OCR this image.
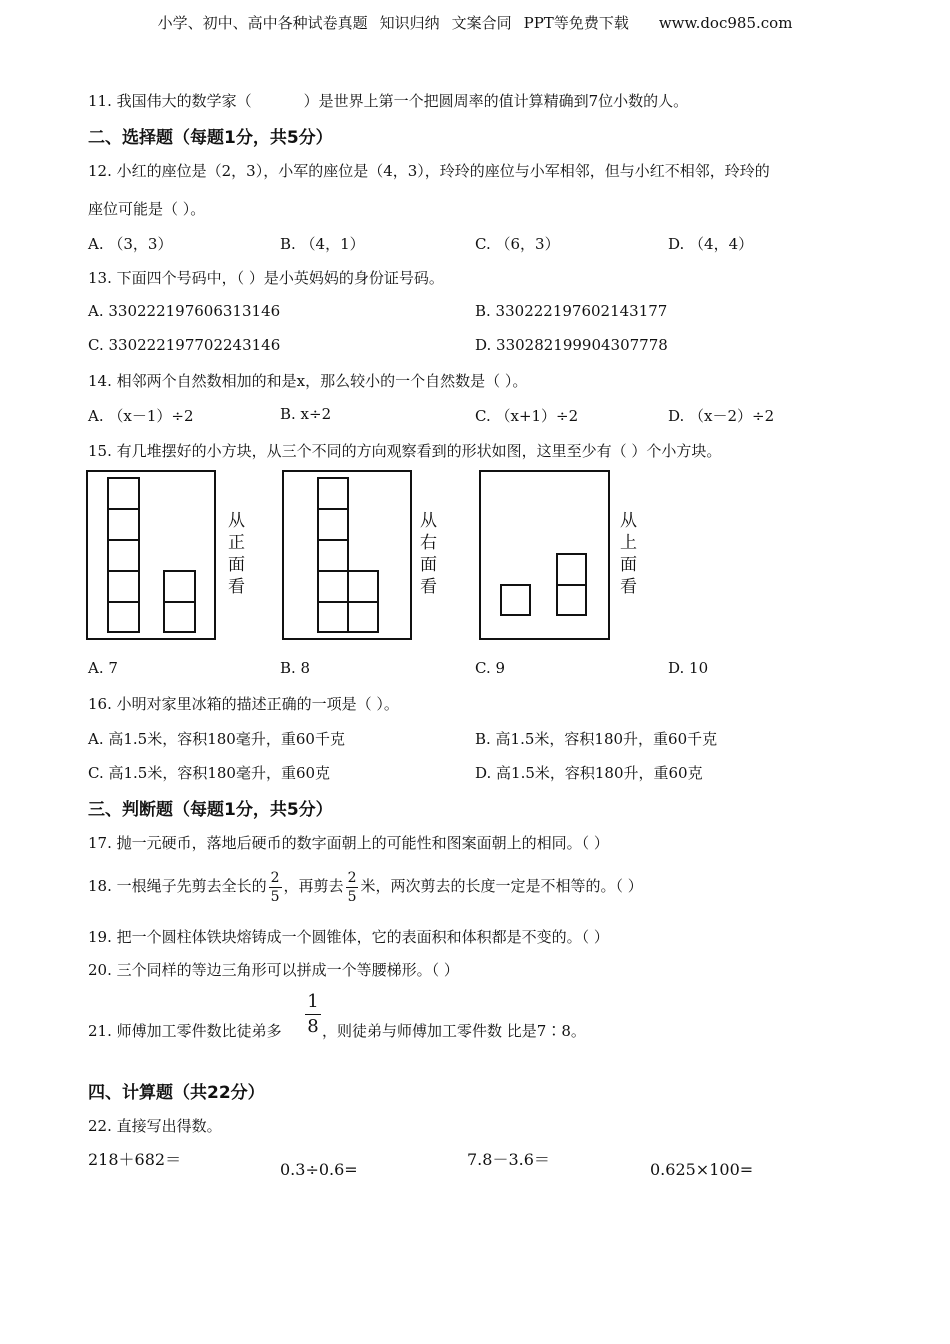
小学、初中、高中各种试卷真题 知识归纳 文案合同 PPT等免费下载 www.doc985.com
11. 我国伟大的数学家（	）是世界上第一个把圆周率的值计算精确到7位小数的人。
二、选择题（每题1分，共5分）
12. 小红的座位是（2，3），小军的座位是（4，3），玲玲的座位与小军相邻，但与小红不相邻，玲玲的
座位可能是（ ）。
A. （3，3）	B. （4，1）	C. （6，3）	D. （4，4）
13. 下面四个号码中，（ ）是小英妈妈的身份证号码。
A. 330222197606313146	B. 330222197602143177
C. 330222197702243146	D. 330282199904307778
14. 相邻两个自然数相加的和是x，那么较小的一个自然数是（ ）。
A. （x－1）÷2	B. x÷2	C. （x+1）÷2	D. （x－2）÷2
15. 有几堆摆好的小方块，从三个不同的方向观察看到的形状如图，这里至少有（ ）个小方块。
从正面看
从右面看
从上面看
A. 7	B. 8	C. 9	D. 10
16. 小明对家里冰箱的描述正确的一项是（ ）。
A. 高1.5米，容积180毫升，重60千克	B. 高1.5米，容积180升，重60千克
C. 高1.5米，容积180毫升，重60克	D. 高1.5米，容积180升，重60克
三、判断题（每题1分，共5分）
17. 抛一元硬币，落地后硬币的数字面朝上的可能性和图案面朝上的相同。（ ）
18. 一根绳子先剪去全长的 $\frac{2}{5}$ ，再剪去 $\frac{2}{5}$ 米，两次剪去的长度一定是不相等的。（ ）
19. 把一个圆柱体铁块熔铸成一个圆锥体，它的表面积和体积都是不变的。（ ）
20. 三个同样的等边三角形可以拼成一个等腰梯形。（ ）
$\frac{1}{8}$
21. 师傅加工零件数比徒弟多	，则徒弟与师傅加工零件数 比是7∶8。
四、计算题（共22分）
22. 直接写出得数。
218＋682＝
0.3÷0.6=
7.8－3.6＝
0.625×100=
